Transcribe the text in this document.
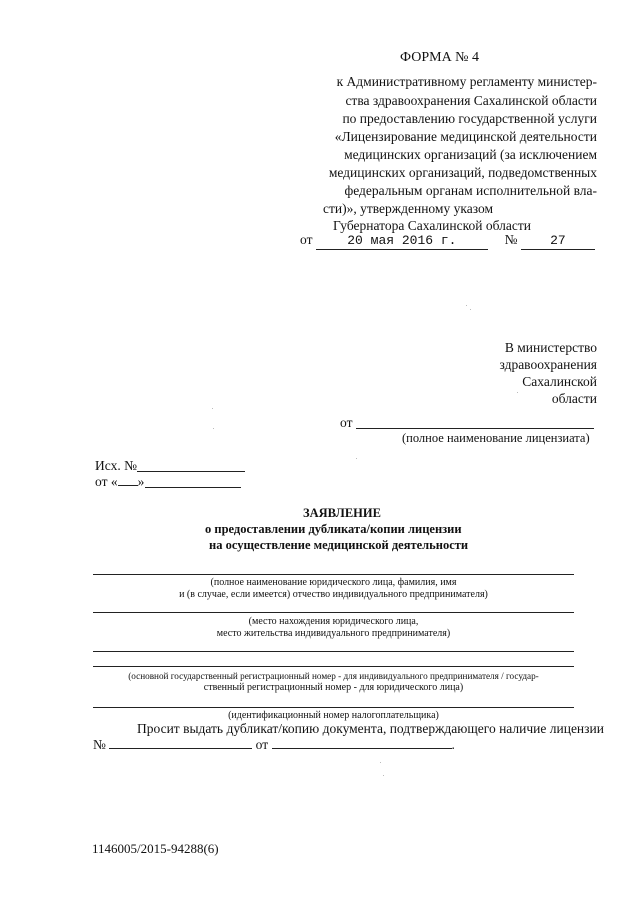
ФОРМА № 4
к Административному регламенту министер-
ства здравоохранения Сахалинской области
по предоставлению государственной услуги
«Лицензирование медицинской деятельности
медицинских организаций (за исключением
медицинских организаций, подведомственных
федеральным органам исполнительной вла-
сти)», утвержденному указом
Губернатора Сахалинской области
от	20 мая 2016 г.	№	27
В министерство
здравоохранения
Сахалинской
области
от
(полное наименование лицензиата)
Исх. №
от « »
ЗАЯВЛЕНИЕ
о предоставлении дубликата/копии лицензии
на осуществление медицинской деятельности
(полное наименование юридического лица, фамилия, имя
и (в случае, если имеется) отчество индивидуального предпринимателя)
(место нахождения юридического лица,
место жительства индивидуального предпринимателя)
(основной государственный регистрационный номер - для индивидуального предпринимателя / государ-
ственный регистрационный номер - для юридического лица)
(идентификационный номер налогоплательщика)
Просит выдать дубликат/копию документа, подтверждающего наличие лицензии
№	от	.
1146005/2015-94288(6)
